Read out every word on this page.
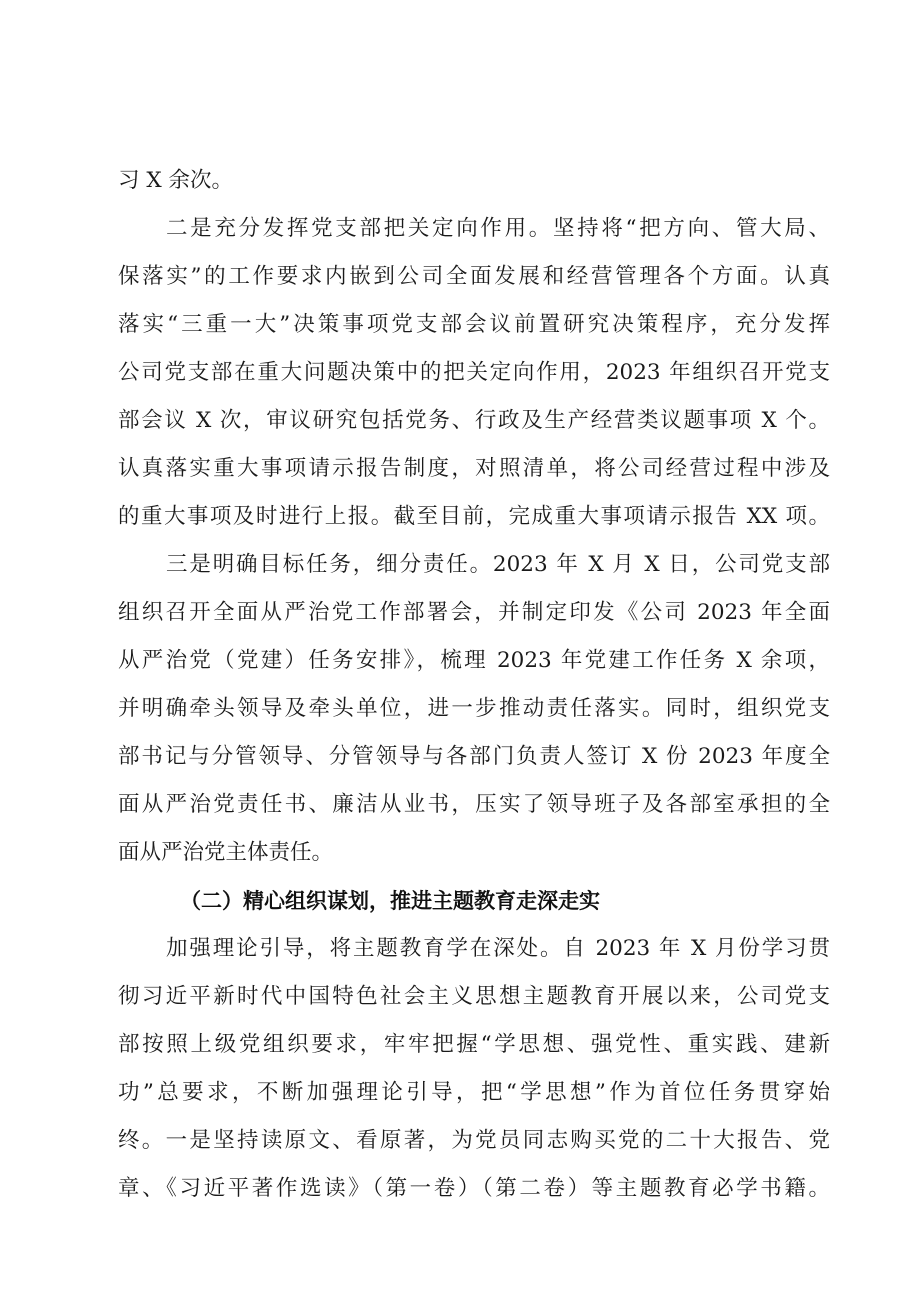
习 X 余次。
二是充分发挥党支部把关定向作用。坚持将“把方向、管大局、
保落实”的工作要求内嵌到公司全面发展和经营管理各个方面。认真
落实“三重一大”决策事项党支部会议前置研究决策程序，充分发挥
公司党支部在重大问题决策中的把关定向作用，2023 年组织召开党支
部会议 X 次，审议研究包括党务、行政及生产经营类议题事项 X 个。
认真落实重大事项请示报告制度，对照清单，将公司经营过程中涉及
的重大事项及时进行上报。截至目前，完成重大事项请示报告 XX 项。
三是明确目标任务，细分责任。2023 年 X 月 X 日，公司党支部
组织召开全面从严治党工作部署会，并制定印发《公司 2023 年全面
从严治党（党建）任务安排》，梳理 2023 年党建工作任务 X 余项，
并明确牵头领导及牵头单位，进一步推动责任落实。同时，组织党支
部书记与分管领导、分管领导与各部门负责人签订 X 份 2023 年度全
面从严治党责任书、廉洁从业书，压实了领导班子及各部室承担的全
面从严治党主体责任。
（二）精心组织谋划，推进主题教育走深走实
加强理论引导，将主题教育学在深处。自 2023 年 X 月份学习贯
彻习近平新时代中国特色社会主义思想主题教育开展以来，公司党支
部按照上级党组织要求，牢牢把握“学思想、强党性、重实践、建新
功”总要求，不断加强理论引导，把“学思想”作为首位任务贯穿始
终。一是坚持读原文、看原著，为党员同志购买党的二十大报告、党
章、《习近平著作选读》（第一卷）（第二卷）等主题教育必学书籍。
